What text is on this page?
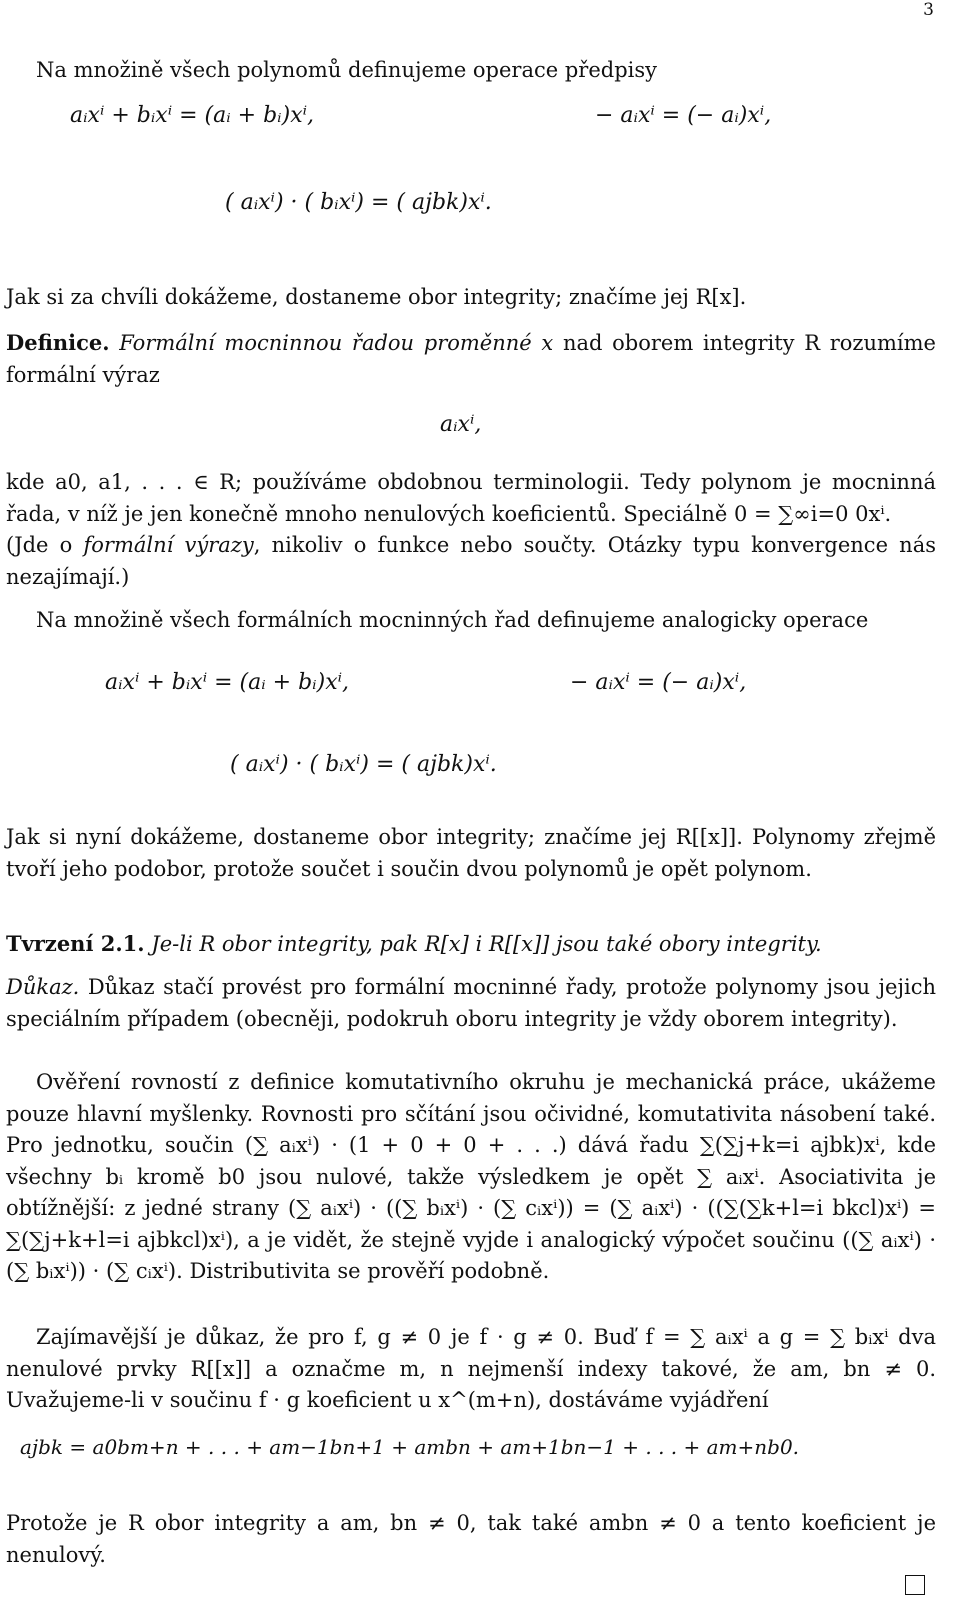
3
Na množině všech polynomů definujeme operace předpisy
aᵢxⁱ + bᵢxⁱ = (aᵢ + bᵢ)xⁱ,	− aᵢxⁱ = (− aᵢ)xⁱ,
( aᵢxⁱ) · ( bᵢxⁱ) = ( ajbk)xⁱ.
Jak si za chvíli dokážeme, dostaneme obor integrity; značíme jej R[x].
Definice. Formální mocninnou řadou proměnné x nad oborem integrity R rozumíme formální výraz
aᵢxⁱ,
kde a0, a1, . . . ∈ R; používáme obdobnou terminologii. Tedy polynom je mocninná řada, v níž je jen konečně mnoho nenulových koeficientů. Speciálně 0 = ∑∞i=0 0xⁱ.
(Jde o formální výrazy, nikoliv o funkce nebo součty. Otázky typu konvergence nás nezajímají.)
Na množině všech formálních mocninných řad definujeme analogicky operace
aᵢxⁱ + bᵢxⁱ = (aᵢ + bᵢ)xⁱ,	− aᵢxⁱ = (− aᵢ)xⁱ,
( aᵢxⁱ) · ( bᵢxⁱ) = ( ajbk)xⁱ.
Jak si nyní dokážeme, dostaneme obor integrity; značíme jej R[[x]]. Polynomy zřejmě tvoří jeho podobor, protože součet i součin dvou polynomů je opět polynom.
Tvrzení 2.1. Je-li R obor integrity, pak R[x] i R[[x]] jsou také obory integrity.
Důkaz. Důkaz stačí provést pro formální mocninné řady, protože polynomy jsou jejich speciálním případem (obecněji, podokruh oboru integrity je vždy oborem integrity).
Ověření rovností z definice komutativního okruhu je mechanická práce, ukážeme pouze hlavní myšlenky. Rovnosti pro sčítání jsou očividné, komutativita násobení také. Pro jednotku, součin (∑ aᵢxⁱ) · (1 + 0 + 0 + . . .) dává řadu ∑(∑j+k=i ajbk)xⁱ, kde všechny bᵢ kromě b0 jsou nulové, takže výsledkem je opět ∑ aᵢxⁱ. Asociativita je obtížnější: z jedné strany (∑ aᵢxⁱ) · ((∑ bᵢxⁱ) · (∑ cᵢxⁱ)) = (∑ aᵢxⁱ) · ((∑(∑k+l=i bkcl)xⁱ) = ∑(∑j+k+l=i ajbkcl)xⁱ), a je vidět, že stejně vyjde i analogický výpočet součinu ((∑ aᵢxⁱ) · (∑ bᵢxⁱ)) · (∑ cᵢxⁱ). Distributivita se prověří podobně.
Zajímavější je důkaz, že pro f, g ≠ 0 je f · g ≠ 0. Buď f = ∑ aᵢxⁱ a g = ∑ bᵢxⁱ dva nenulové prvky R[[x]] a označme m, n nejmenší indexy takové, že am, bn ≠ 0. Uvažujeme-li v součinu f · g koeficient u x^(m+n), dostáváme vyjádření
ajbk = a0bm+n + . . . + am−1bn+1 + ambn + am+1bn−1 + . . . + am+nb0.
Protože je R obor integrity a am, bn ≠ 0, tak také ambn ≠ 0 a tento koeficient je nenulový.
